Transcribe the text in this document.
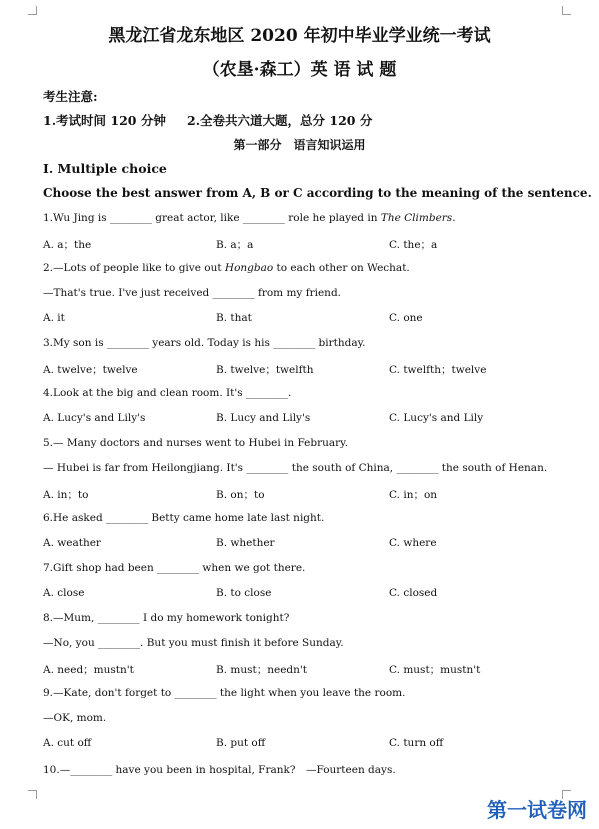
黑龙江省龙东地区 2020 年初中毕业学业统一考试
（农垦·森工）英 语 试 题
考生注意:
1.考试时间 120 分钟 2.全卷共六道大题，总分 120 分
第一部分　语言知识运用
I. Multiple choice
Choose the best answer from A, B or C according to the meaning of the sentence.
1.Wu Jing is ________ great actor, like ________ role he played in The Climbers.
A. a；the	B. a；a	C. the；a
2.—Lots of people like to give out Hongbao to each other on Wechat.
—That's true. I've just received ________ from my friend.
A. it	B. that	C. one
3.My son is ________ years old. Today is his ________ birthday.
A. twelve；twelve	B. twelve；twelfth	C. twelfth；twelve
4.Look at the big and clean room. It's ________.
A. Lucy's and Lily's	B. Lucy and Lily's	C. Lucy's and Lily
5.— Many doctors and nurses went to Hubei in February.
— Hubei is far from Heilongjiang. It's ________ the south of China, ________ the south of Henan.
A. in；to	B. on；to	C. in；on
6.He asked ________ Betty came home late last night.
A. weather	B. whether	C. where
7.Gift shop had been ________ when we got there.
A. close	B. to close	C. closed
8.—Mum, ________ I do my homework tonight?
—No, you ________. But you must finish it before Sunday.
A. need；mustn't	B. must；needn't	C. must；mustn't
9.—Kate, don't forget to ________ the light when you leave the room.
—OK, mom.
A. cut off	B. put off	C. turn off
10.—________ have you been in hospital, Frank?　—Fourteen days.
第一试卷网
